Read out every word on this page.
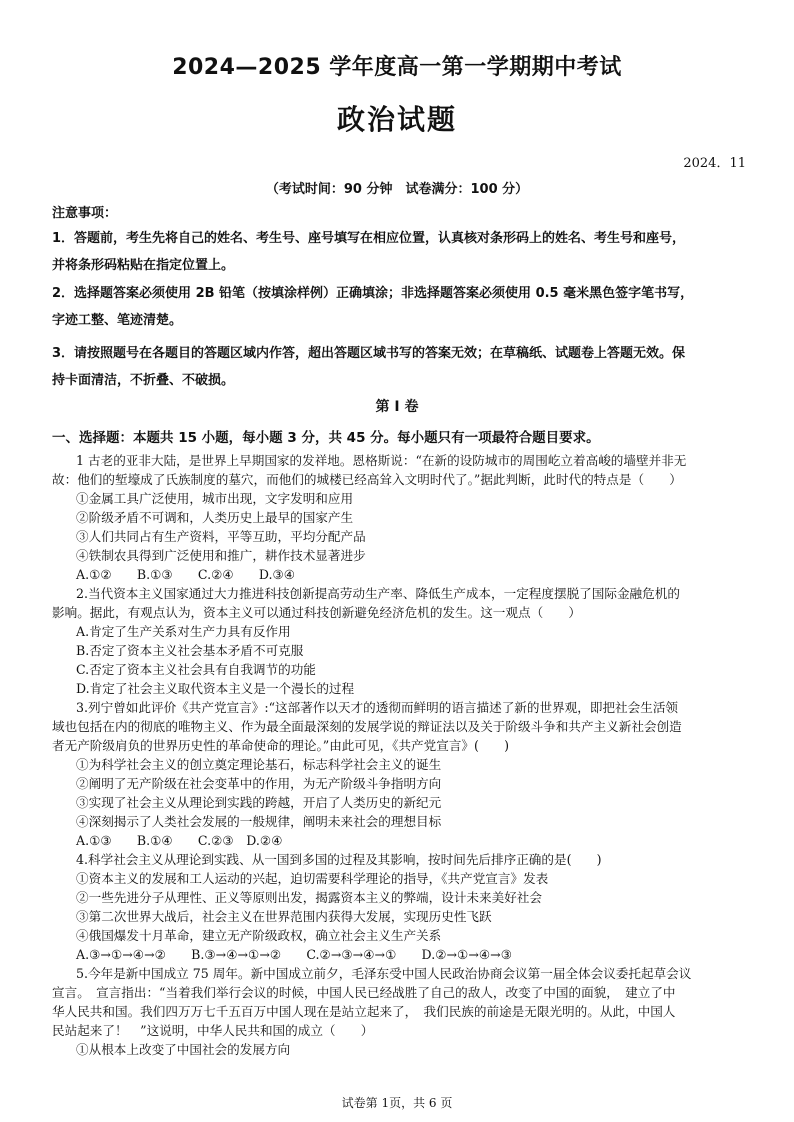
2024—2025 学年度高一第一学期期中考试
政治试题
2024．11
（考试时间：90 分钟　试卷满分：100 分）
注意事项：
1．答题前，考生先将自己的姓名、考生号、座号填写在相应位置，认真核对条形码上的姓名、考生号和座号，
并将条形码粘贴在指定位置上。
2．选择题答案必须使用 2B 铅笔（按填涂样例）正确填涂；非选择题答案必须使用 0.5 毫米黑色签字笔书写，
字迹工整、笔迹清楚。
3．请按照题号在各题目的答题区域内作答，超出答题区域书写的答案无效；在草稿纸、试题卷上答题无效。保
持卡面清洁，不折叠、不破损。
第 I 卷
一、选择题：本题共 15 小题，每小题 3 分，共 45 分。每小题只有一项最符合题目要求。
1 古老的亚非大陆，是世界上早期国家的发祥地。恩格斯说：“在新的设防城市的周围屹立着高峻的墙壁并非无
故：他们的堑壕成了氏族制度的墓穴，而他们的城楼已经高耸入文明时代了。”据此判断，此时代的特点是（　　）
①金属工具广泛使用，城市出现，文字发明和应用
②阶级矛盾不可调和，人类历史上最早的国家产生
③人们共同占有生产资料，平等互助，平均分配产品
④铁制农具得到广泛使用和推广，耕作技术显著进步
A.①②　　B.①③　　C.②④　　D.③④
2.当代资本主义国家通过大力推进科技创新提高劳动生产率、降低生产成本，一定程度摆脱了国际金融危机的
影响。据此，有观点认为，资本主义可以通过科技创新避免经济危机的发生。这一观点（　　）
A.肯定了生产关系对生产力具有反作用
B.否定了资本主义社会基本矛盾不可克服
C.否定了资本主义社会具有自我调节的功能
D.肯定了社会主义取代资本主义是一个漫长的过程
3.列宁曾如此评价《共产党宣言》:“这部著作以天才的透彻而鲜明的语言描述了新的世界观，即把社会生活领
域也包括在内的彻底的唯物主义、作为最全面最深刻的发展学说的辩证法以及关于阶级斗争和共产主义新社会创造
者无产阶级肩负的世界历史性的革命使命的理论。”由此可见，《共产党宣言》(　　)
①为科学社会主义的创立奠定理论基石，标志科学社会主义的诞生
②阐明了无产阶级在社会变革中的作用，为无产阶级斗争指明方向
③实现了社会主义从理论到实践的跨越，开启了人类历史的新纪元
④深刻揭示了人类社会发展的一般规律，阐明未来社会的理想目标
A.①③　　B.①④　　C.②③　D.②④
4.科学社会主义从理论到实践、从一国到多国的过程及其影响，按时间先后排序正确的是(　　)
①资本主义的发展和工人运动的兴起，迫切需要科学理论的指导，《共产党宣言》发表
②一些先进分子从理性、正义等原则出发，揭露资本主义的弊端，设计未来美好社会
③第二次世界大战后，社会主义在世界范围内获得大发展，实现历史性飞跃
④俄国爆发十月革命，建立无产阶级政权，确立社会主义生产关系
A.③→①→④→②　　B.③→④→①→②　　C.②→③→④→①　　D.②→①→④→③
5.今年是新中国成立 75 周年。新中国成立前夕，毛泽东受中国人民政治协商会议第一届全体会议委托起草会议
宣言。　宣言指出：“当着我们举行会议的时候，中国人民已经战胜了自己的敌人，改变了中国的面貌，　建立了中
华人民共和国。我们四万万七千五百万中国人现在是站立起来了，　我们民族的前途是无限光明的。从此，中国人
民站起来了！　”这说明，中华人民共和国的成立（　　）
①从根本上改变了中国社会的发展方向
试卷第 1页，共 6 页
